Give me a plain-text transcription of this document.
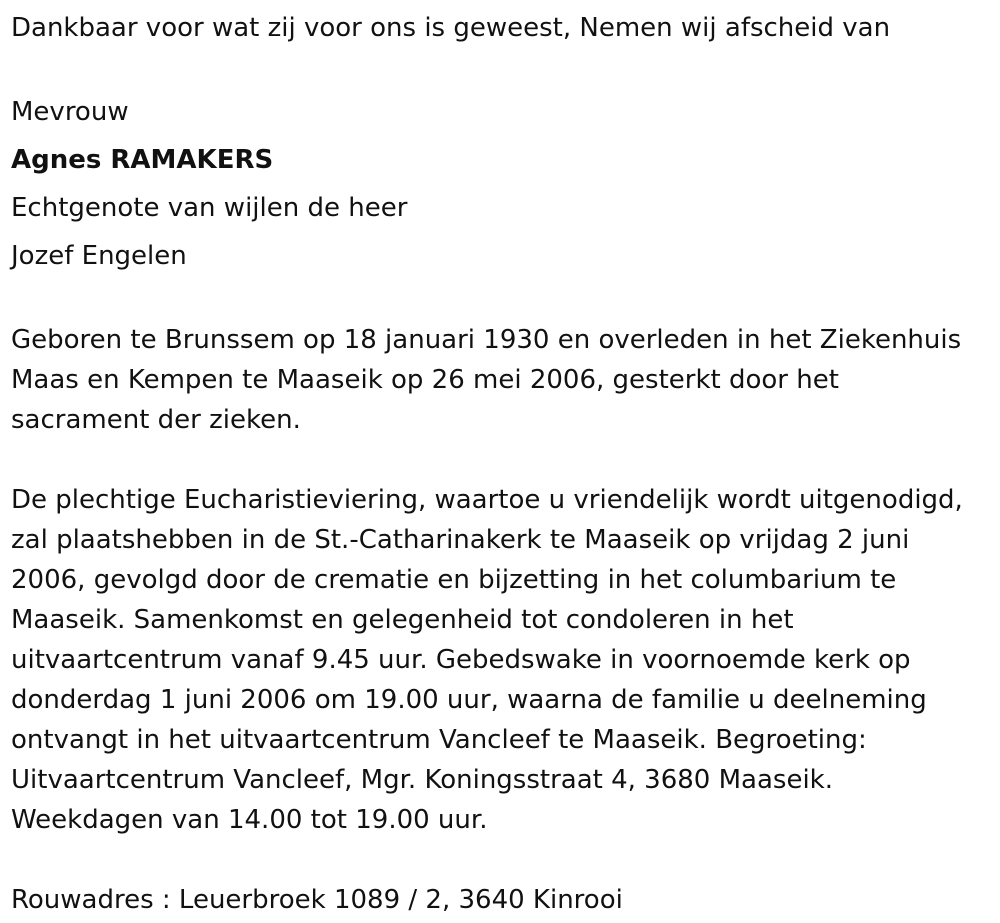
Dankbaar voor wat zij voor ons is geweest, Nemen wij afscheid van
Mevrouw
Agnes RAMAKERS
Echtgenote van wijlen de heer
Jozef Engelen
Geboren te Brunssem op 18 januari 1930 en overleden in het Ziekenhuis
Maas en Kempen te Maaseik op 26 mei 2006, gesterkt door het
sacrament der zieken.
De plechtige Eucharistieviering, waartoe u vriendelijk wordt uitgenodigd,
zal plaatshebben in de St.-Catharinakerk te Maaseik op vrijdag 2 juni
2006, gevolgd door de crematie en bijzetting in het columbarium te
Maaseik. Samenkomst en gelegenheid tot condoleren in het
uitvaartcentrum vanaf 9.45 uur. Gebedswake in voornoemde kerk op
donderdag 1 juni 2006 om 19.00 uur, waarna de familie u deelneming
ontvangt in het uitvaartcentrum Vancleef te Maaseik. Begroeting:
Uitvaartcentrum Vancleef, Mgr. Koningsstraat 4, 3680 Maaseik.
Weekdagen van 14.00 tot 19.00 uur.
Rouwadres : Leuerbroek 1089 / 2, 3640 Kinrooi
